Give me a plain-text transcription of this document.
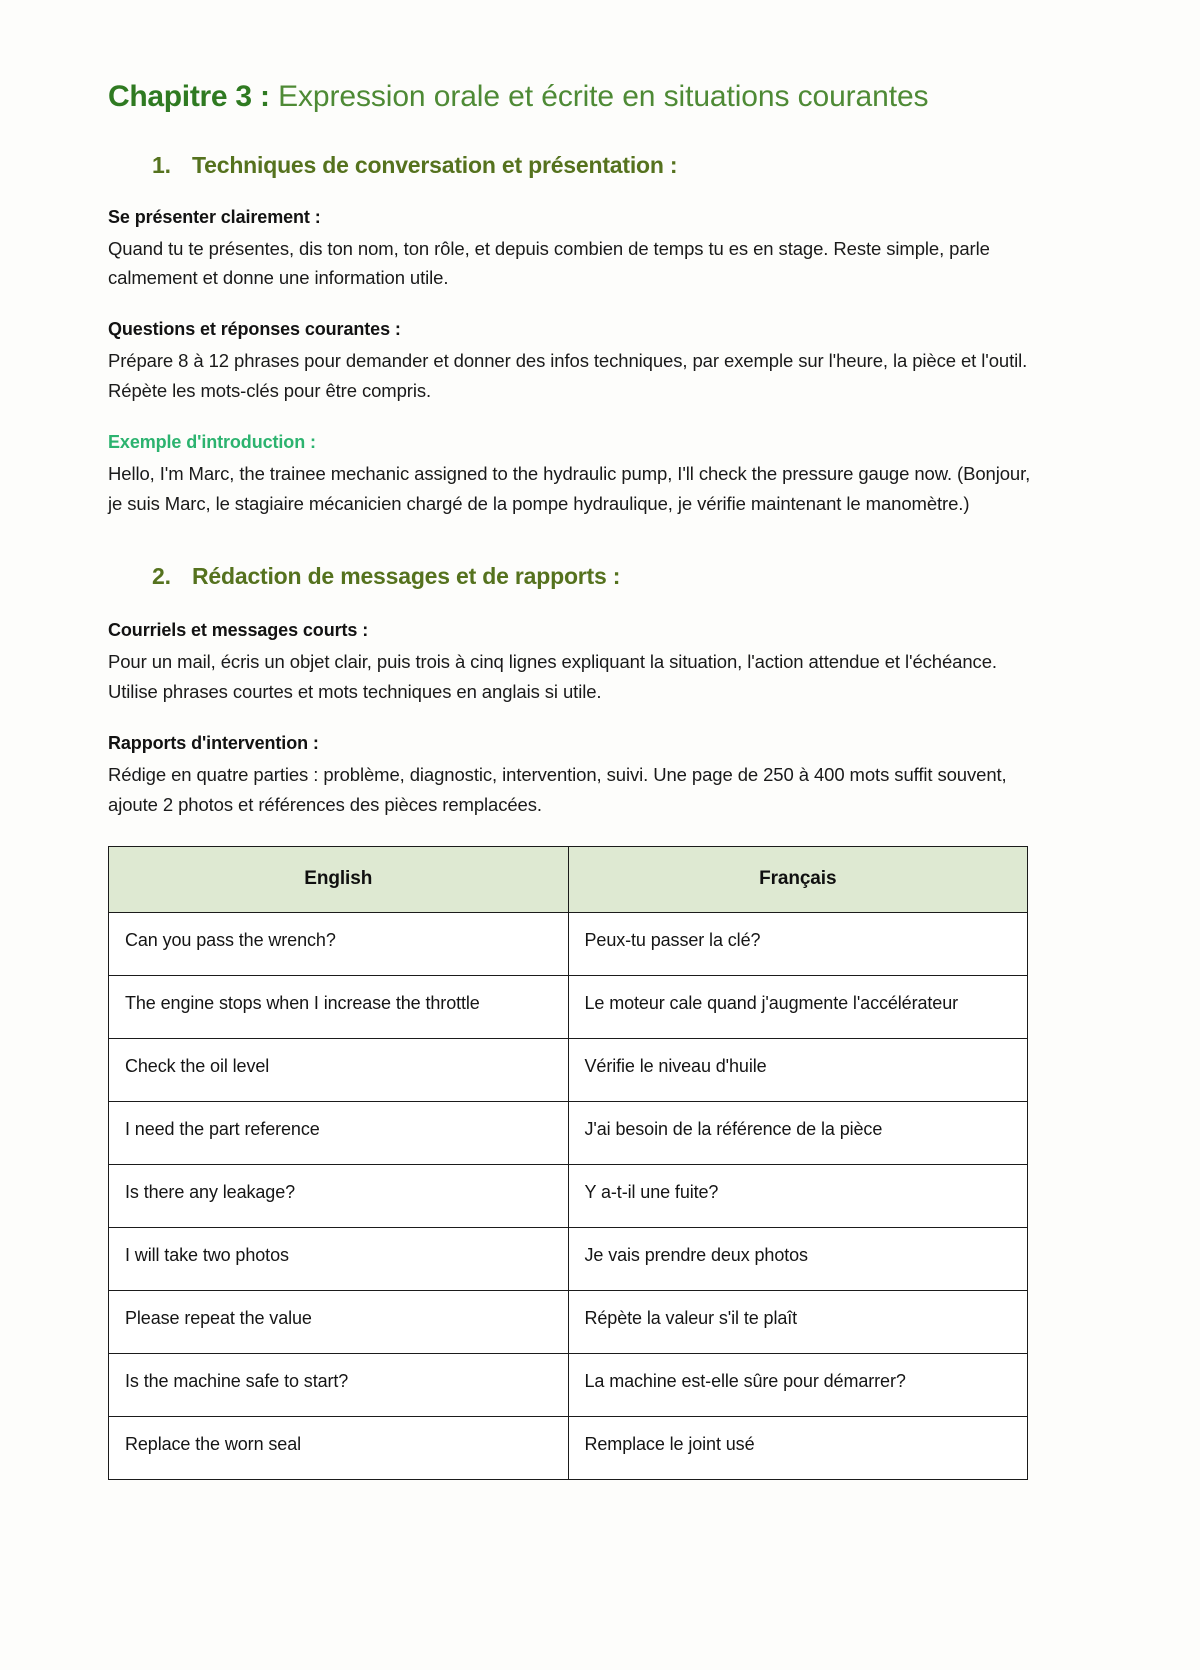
Chapitre 3 : Expression orale et écrite en situations courantes
1. Techniques de conversation et présentation :
Se présenter clairement :

Quand tu te présentes, dis ton nom, ton rôle, et depuis combien de temps tu es en stage. Reste simple, parle calmement et donne une information utile.

Questions et réponses courantes :

Prépare 8 à 12 phrases pour demander et donner des infos techniques, par exemple sur l'heure, la pièce et l'outil. Répète les mots-clés pour être compris.

Exemple d'introduction :

Hello, I'm Marc, the trainee mechanic assigned to the hydraulic pump, I'll check the pressure gauge now. (Bonjour, je suis Marc, le stagiaire mécanicien chargé de la pompe hydraulique, je vérifie maintenant le manomètre.)

2. Rédaction de messages et de rapports :
Courriels et messages courts :

Pour un mail, écris un objet clair, puis trois à cinq lignes expliquant la situation, l'action attendue et l'échéance. Utilise phrases courtes et mots techniques en anglais si utile.

Rapports d'intervention :

Rédige en quatre parties : problème, diagnostic, intervention, suivi. Une page de 250 à 400 mots suffit souvent, ajoute 2 photos et références des pièces remplacées.

English	Français
Can you pass the wrench?	Peux-tu passer la clé?
The engine stops when I increase the throttle	Le moteur cale quand j'augmente l'accélérateur
Check the oil level	Vérifie le niveau d'huile
I need the part reference	J'ai besoin de la référence de la pièce
Is there any leakage?	Y a-t-il une fuite?
I will take two photos	Je vais prendre deux photos
Please repeat the value	Répète la valeur s'il te plaît
Is the machine safe to start?	La machine est-elle sûre pour démarrer?
Replace the worn seal	Remplace le joint usé
